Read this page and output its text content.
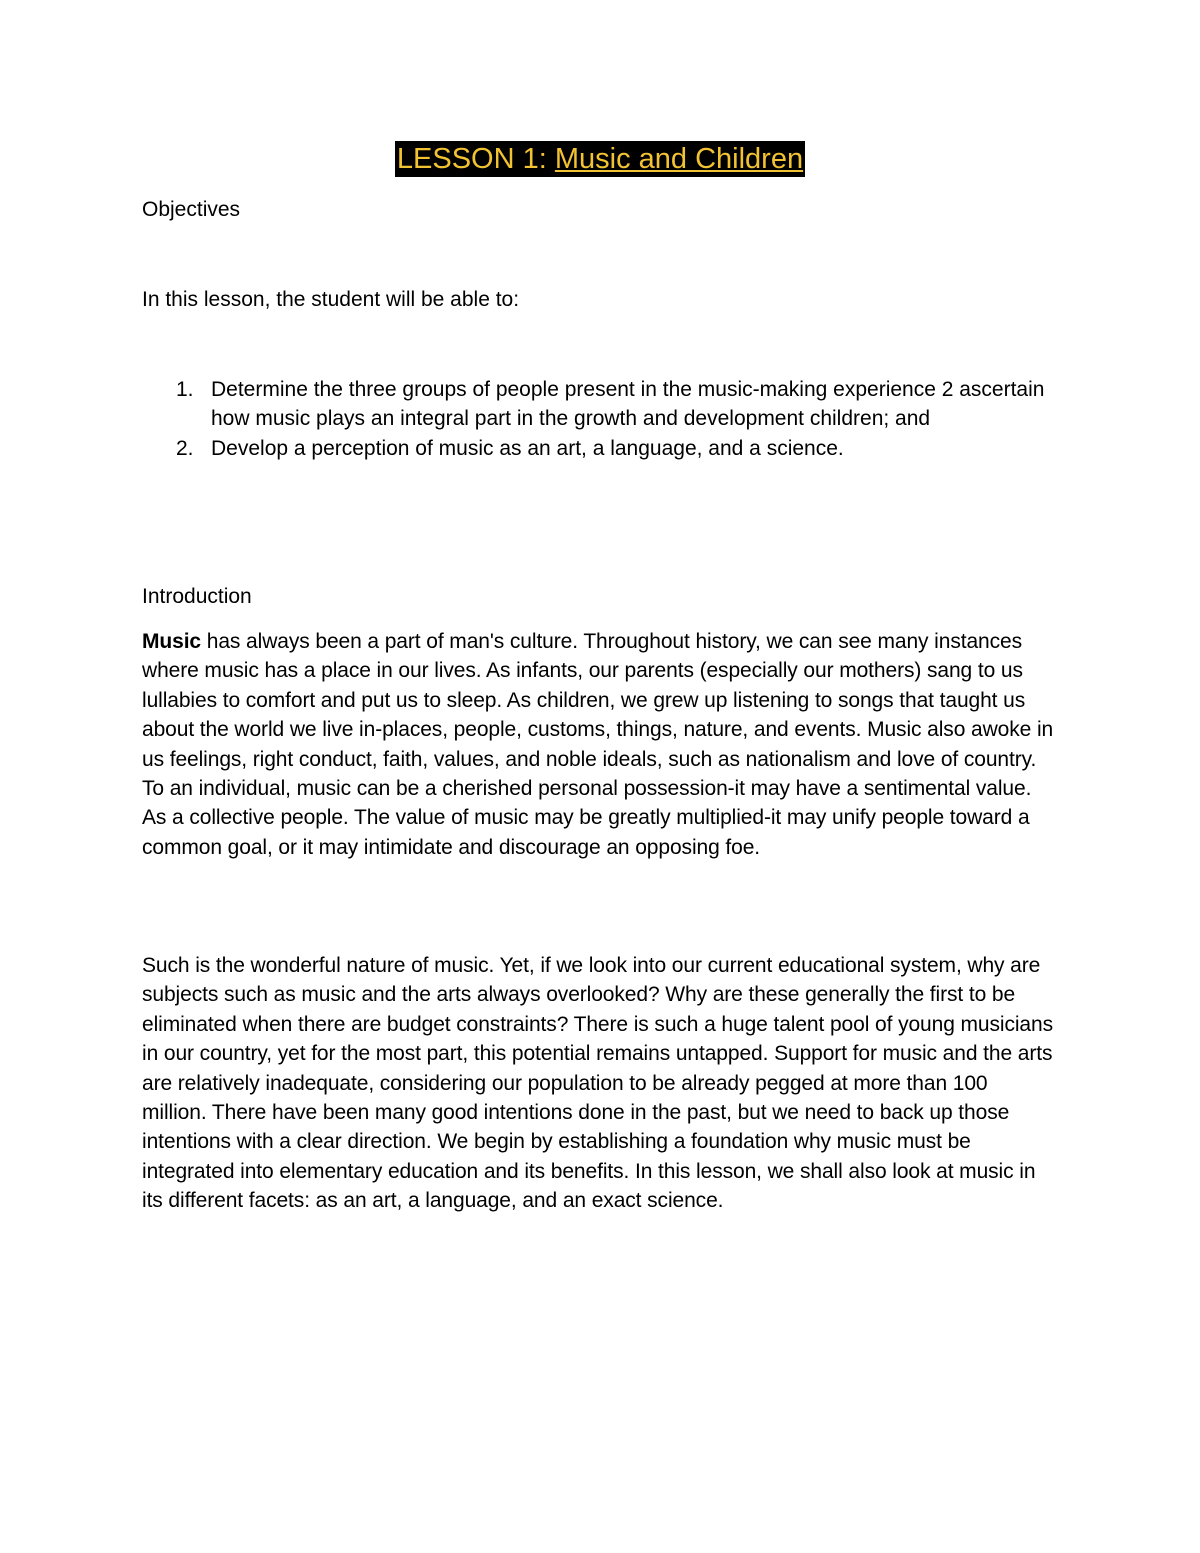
LESSON 1: Music and Children
Objectives
In this lesson, the student will be able to:
1. Determine the three groups of people present in the music-making experience 2 ascertain how music plays an integral part in the growth and development children; and
2. Develop a perception of music as an art, a language, and a science.
Introduction

Music has always been a part of man's culture. Throughout history, we can see many instances where music has a place in our lives. As infants, our parents (especially our mothers) sang to us lullabies to comfort and put us to sleep. As children, we grew up listening to songs that taught us about the world we live in-places, people, customs, things, nature, and events. Music also awoke in us feelings, right conduct, faith, values, and noble ideals, such as nationalism and love of country. To an individual, music can be a cherished personal possession-it may have a sentimental value. As a collective people. The value of music may be greatly multiplied-it may unify people toward a common goal, or it may intimidate and discourage an opposing foe.

Such is the wonderful nature of music. Yet, if we look into our current educational system, why are subjects such as music and the arts always overlooked? Why are these generally the first to be eliminated when there are budget constraints? There is such a huge talent pool of young musicians in our country, yet for the most part, this potential remains untapped. Support for music and the arts are relatively inadequate, considering our population to be already pegged at more than 100 million. There have been many good intentions done in the past, but we need to back up those intentions with a clear direction. We begin by establishing a foundation why music must be integrated into elementary education and its benefits. In this lesson, we shall also look at music in its different facets: as an art, a language, and an exact science.
